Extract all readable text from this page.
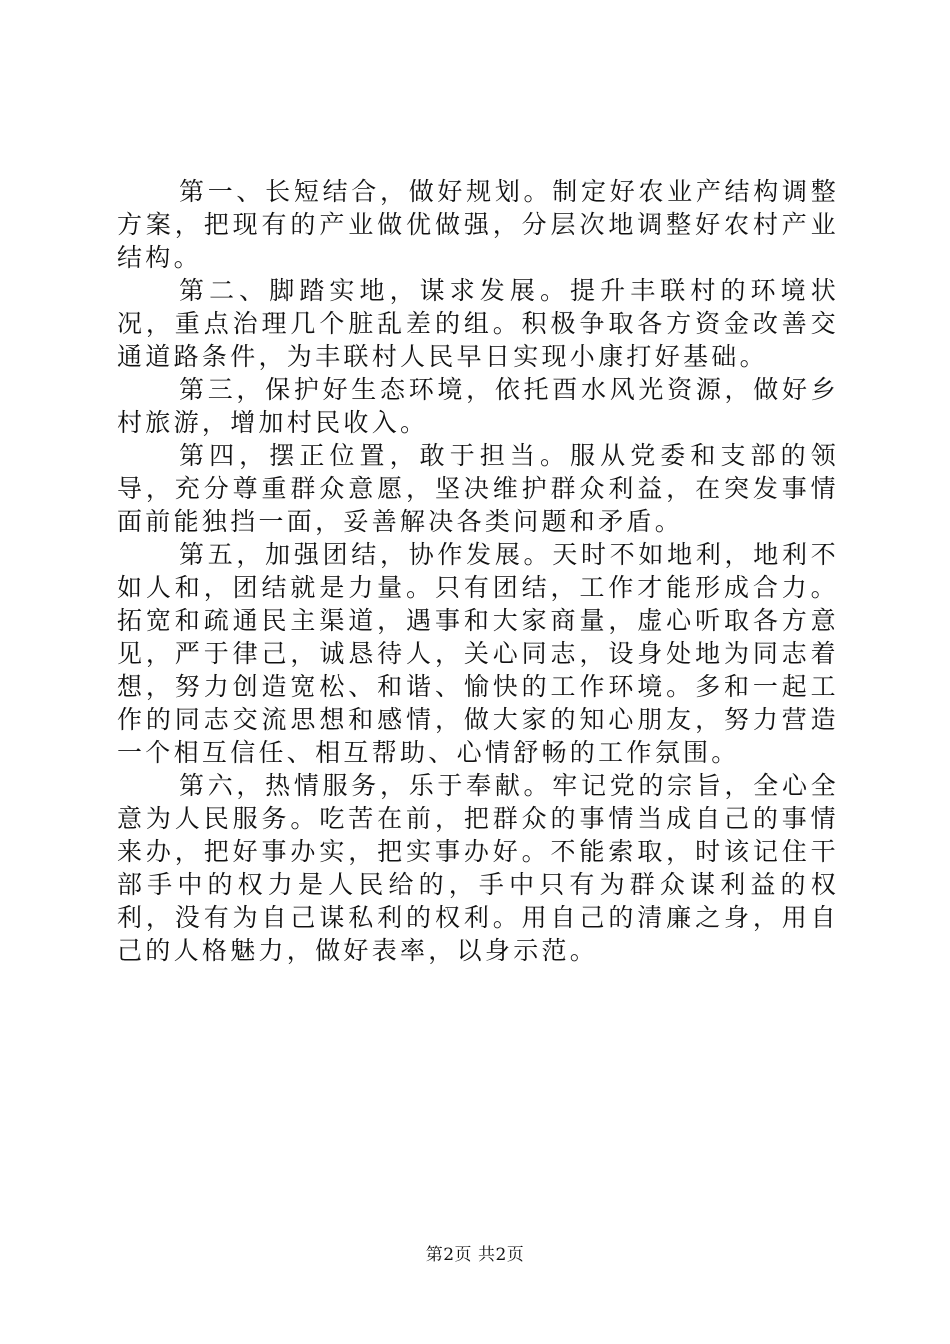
第一、长短结合，做好规划。制定好农业产结构调整方案，把现有的产业做优做强，分层次地调整好农村产业结构。

第二、脚踏实地，谋求发展。提升丰联村的环境状况，重点治理几个脏乱差的组。积极争取各方资金改善交通道路条件，为丰联村人民早日实现小康打好基础。

第三，保护好生态环境，依托酉水风光资源，做好乡村旅游，增加村民收入。

第四，摆正位置，敢于担当。服从党委和支部的领导，充分尊重群众意愿，坚决维护群众利益，在突发事情面前能独挡一面，妥善解决各类问题和矛盾。

第五，加强团结，协作发展。天时不如地利，地利不如人和，团结就是力量。只有团结，工作才能形成合力。拓宽和疏通民主渠道，遇事和大家商量，虚心听取各方意见，严于律己，诚恳待人，关心同志，设身处地为同志着想，努力创造宽松、和谐、愉快的工作环境。多和一起工作的同志交流思想和感情，做大家的知心朋友，努力营造一个相互信任、相互帮助、心情舒畅的工作氛围。

第六，热情服务，乐于奉献。牢记党的宗旨，全心全意为人民服务。吃苦在前，把群众的事情当成自己的事情来办，把好事办实，把实事办好。不能索取，时该记住干部手中的权力是人民给的，手中只有为群众谋利益的权利，没有为自己谋私利的权利。用自己的清廉之身，用自己的人格魅力，做好表率，以身示范。

第2页 共2页
